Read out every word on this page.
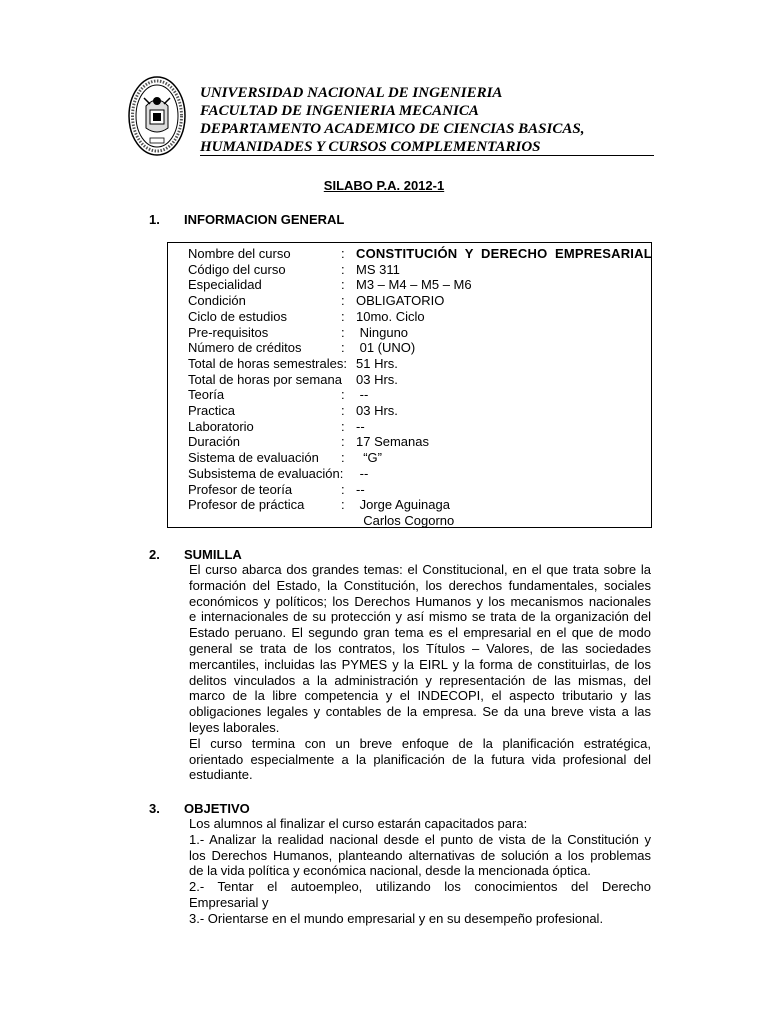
UNIVERSIDAD NACIONAL DE INGENIERIA
FACULTAD DE INGENIERIA MECANICA
DEPARTAMENTO ACADEMICO DE CIENCIAS BASICAS,
HUMANIDADES Y CURSOS COMPLEMENTARIOS
SILABO P.A. 2012-1
1. INFORMACION GENERAL
Nombre del curso	: CONSTITUCIÓN  Y  DERECHO  EMPRESARIAL
Código del curso	: MS 311
Especialidad	: M3 – M4 – M5 – M6
Condición	: OBLIGATORIO
Ciclo de estudios	: 10mo. Ciclo
Pre-requisitos	: Ninguno
Número de créditos	: 01 (UNO)
Total de horas semestrales: 51 Hrs.
Total de horas por semana 03 Hrs.
Teoría	: --
Practica	: 03 Hrs.
Laboratorio	: --
Duración	: 17 Semanas
Sistema de evaluación : “G”
Subsistema de evaluación: --
Profesor de teoría	: --
Profesor de práctica	: Jorge Aguinaga
Carlos Cogorno
2. SUMILLA
El curso abarca dos grandes temas: el Constitucional, en el que trata sobre la
formación del Estado, la Constitución, los derechos fundamentales, sociales
económicos y políticos; los Derechos Humanos y los mecanismos nacionales
e internacionales de su protección y así mismo se trata de la organización del
Estado peruano. El segundo gran tema es el empresarial en el que de modo
general se trata de los contratos, los Títulos – Valores, de las sociedades
mercantiles, incluidas las PYMES y la EIRL y la forma de constituirlas, de los
delitos vinculados a la administración y representación de las mismas, del
marco de la libre competencia y el INDECOPI, el aspecto tributario y las
obligaciones legales y contables de la empresa. Se da una breve vista a las
leyes laborales.
El curso termina con un breve enfoque de la planificación estratégica,
orientado especialmente a la planificación de la futura vida profesional del
estudiante.
3. OBJETIVO
Los alumnos al finalizar el curso estarán capacitados para:
1.- Analizar la realidad nacional desde el punto de vista de la Constitución y
los Derechos Humanos, planteando alternativas de solución a los problemas
de la vida política y económica nacional, desde la mencionada óptica.
2.- Tentar el autoempleo, utilizando los conocimientos del Derecho
Empresarial y
3.- Orientarse en el mundo empresarial y en su desempeño profesional.
